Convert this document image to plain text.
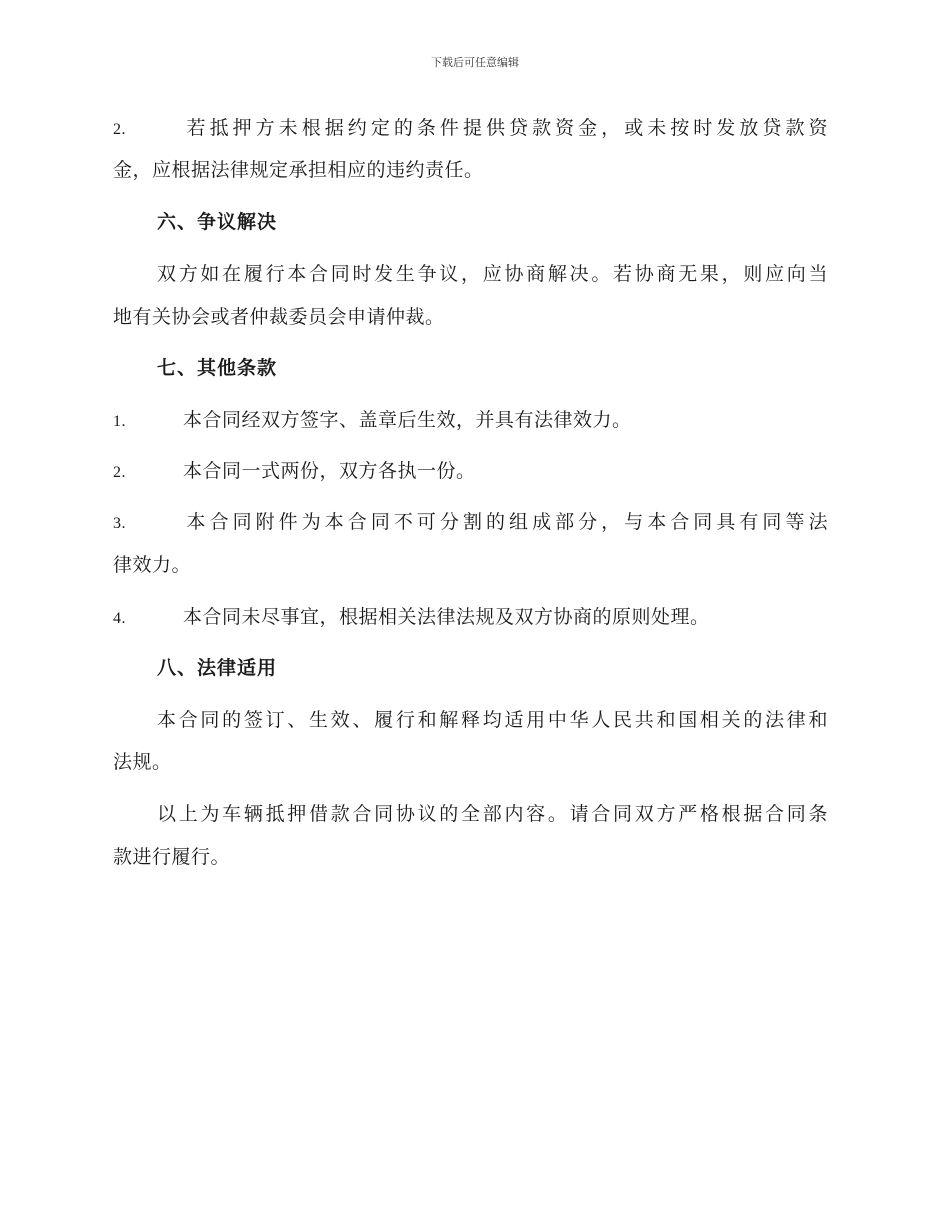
下载后可任意编辑
2.	若抵押方未根据约定的条件提供贷款资金，或未按时发放贷款资
金，应根据法律规定承担相应的违约责任。
六、争议解决
双方如在履行本合同时发生争议，应协商解决。若协商无果，则应向当
地有关协会或者仲裁委员会申请仲裁。
七、其他条款
1.	本合同经双方签字、盖章后生效，并具有法律效力。
2.	本合同一式两份，双方各执一份。
3.	本合同附件为本合同不可分割的组成部分，与本合同具有同等法
律效力。
4.	本合同未尽事宜，根据相关法律法规及双方协商的原则处理。
八、法律适用
本合同的签订、生效、履行和解释均适用中华人民共和国相关的法律和
法规。
以上为车辆抵押借款合同协议的全部内容。请合同双方严格根据合同条
款进行履行。
